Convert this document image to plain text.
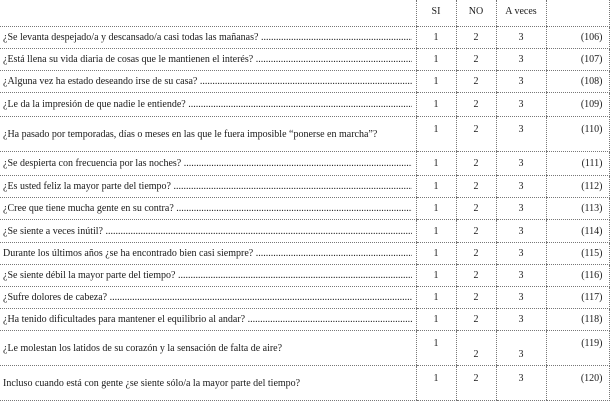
	SI	NO	A veces	

¿Se levanta despejado/a y descansado/a casi todas las mañanas? .....	1	2	3	(106)

¿Está llena su vida diaria de cosas que le mantienen el interés? .....	1	2	3	(107)

¿Alguna vez ha estado deseando irse de su casa? .....	1	2	3	(108)

¿Le da la impresión de que nadie le entiende? .....	1	2	3	(109)
¿Ha pasado por temporadas, días o meses en las que le fuera imposible “ponerse en marcha”?	1	2	3	(110)

¿Se despierta con frecuencia por las noches? .....	1	2	3	(111)

¿Es usted feliz la mayor parte del tiempo? .....	1	2	3	(112)

¿Cree que tiene mucha gente en su contra? .....	1	2	3	(113)

¿Se siente a veces inútil? .....	1	2	3	(114)

Durante los últimos años ¿se ha encontrado bien casi siempre? .....	1	2	3	(115)

¿Se siente débil la mayor parte del tiempo? .....	1	2	3	(116)

¿Sufre dolores de cabeza? .....	1	2	3	(117)

¿Ha tenido dificultades para mantener el equilibrio al andar? .....	1	2	3	(118)
¿Le molestan los latidos de su corazón y la sensación de falta de aire?	1	2	3	(119)

Incluso cuando está con gente ¿se siente sólo/a la mayor parte del tiempo?	1	2	3	(120)
